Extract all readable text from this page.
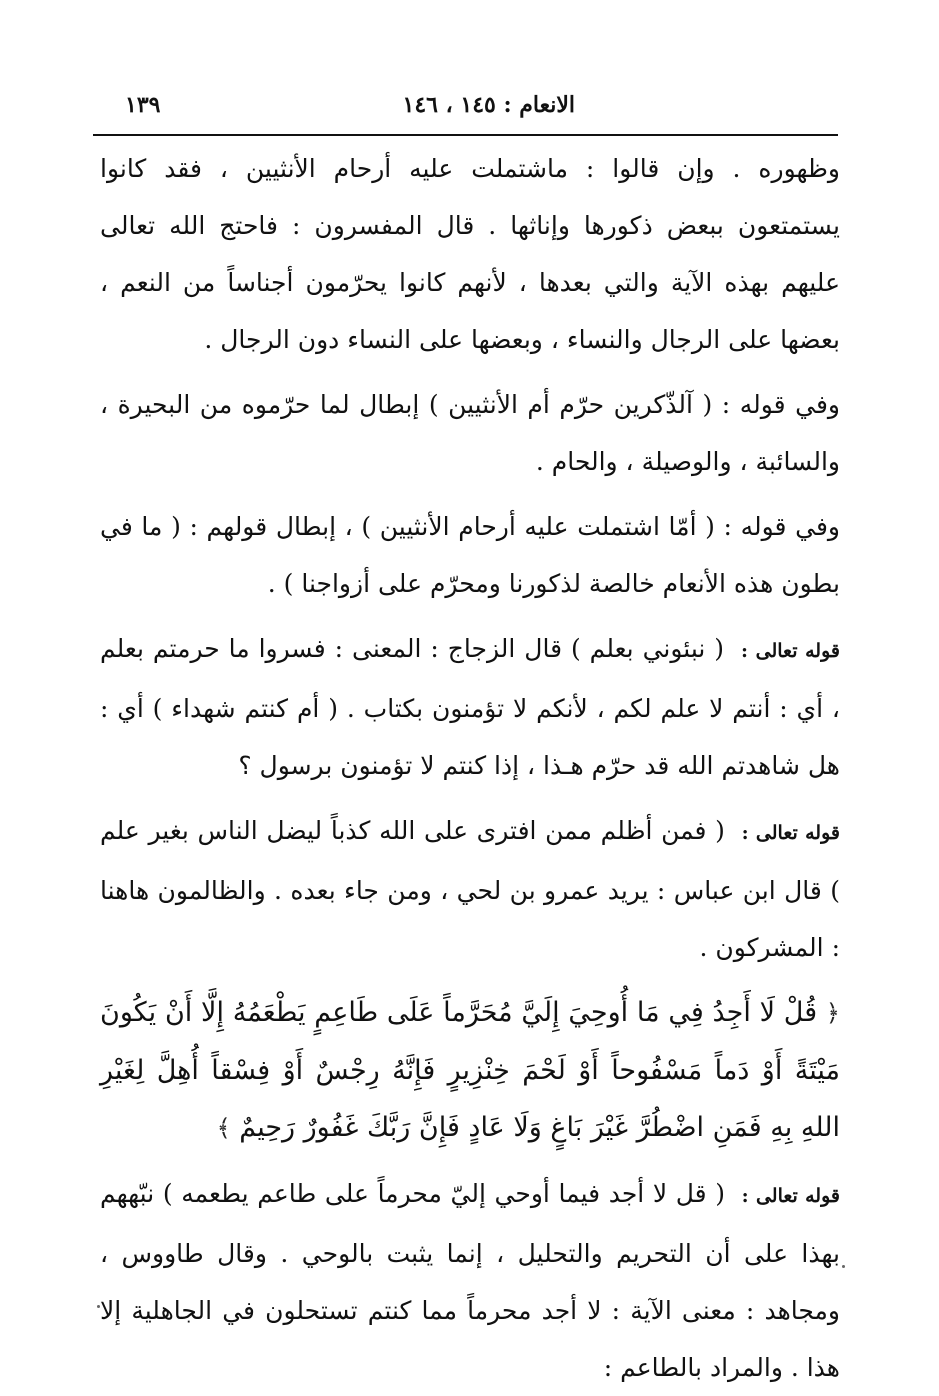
الانعام : ١٤٥ ، ١٤٦
١٣٩

وظهوره . وإن قالوا : ماشتملت عليه أرحام الأنثيين ، فقد كانوا يستمتعون ببعض ذكورها وإناثها . قال المفسرون : فاحتج الله تعالى عليهم بهذه الآية والتي بعدها ، لأنهم كانوا يحرّمون أجناساً من النعم ، بعضها على الرجال والنساء ، وبعضها على النساء دون الرجال .

وفي قوله : ( آلذّكرين حرّم أم الأنثيين ) إبطال لما حرّموه من البحيرة ، والسائبة ، والوصيلة ، والحام .

وفي قوله : ( أمّا اشتملت عليه أرحام الأنثيين ) ، إبطال قولهم : ( ما في بطون هذه الأنعام خالصة لذكورنا ومحرّم على أزواجنا ) .

قوله تعالى : ( نبئوني بعلم ) قال الزجاج : المعنى : فسروا ما حرمتم بعلم ، أي : أنتم لا علم لكم ، لأنكم لا تؤمنون بكتاب . ( أم كنتم شهداء ) أي : هل شاهدتم الله قد حرّم هـذا ، إذا كنتم لا تؤمنون برسول ؟

قوله تعالى : ( فمن أظلم ممن افترى على الله كذباً ليضل الناس بغير علم ) قال ابن عباس : يريد عمرو بن لحي ، ومن جاء بعده . والظالمون هاهنا : المشركون .

﴿ قُلْ لَا أَجِدُ فِي مَا أُوحِيَ إِلَيَّ مُحَرَّماً عَلَى طَاعِمٍ يَطْعَمُهُ إِلَّا أَنْ يَكُونَ مَيْتَةً أَوْ دَماً مَسْفُوحاً أَوْ لَحْمَ خِنْزِيرٍ فَإِنَّهُ رِجْسٌ أَوْ فِسْقاً أُهِلَّ لِغَيْرِ اللهِ بِهِ فَمَنِ اضْطُرَّ غَيْرَ بَاغٍ وَلَا عَادٍ فَإِنَّ رَبَّكَ غَفُورٌ رَحِيمٌ ﴾

قوله تعالى : ( قل لا أجد فيما أوحي إليّ محرماً على طاعم يطعمه ) نبّههم بهذا على أن التحريم والتحليل ، إنما يثبت بالوحي . وقال طاووس ، ومجاهد : معنى الآية : لا أجد محرماً مما كنتم تستحلون في الجاهلية إلا هذا . والمراد بالطاعم :
